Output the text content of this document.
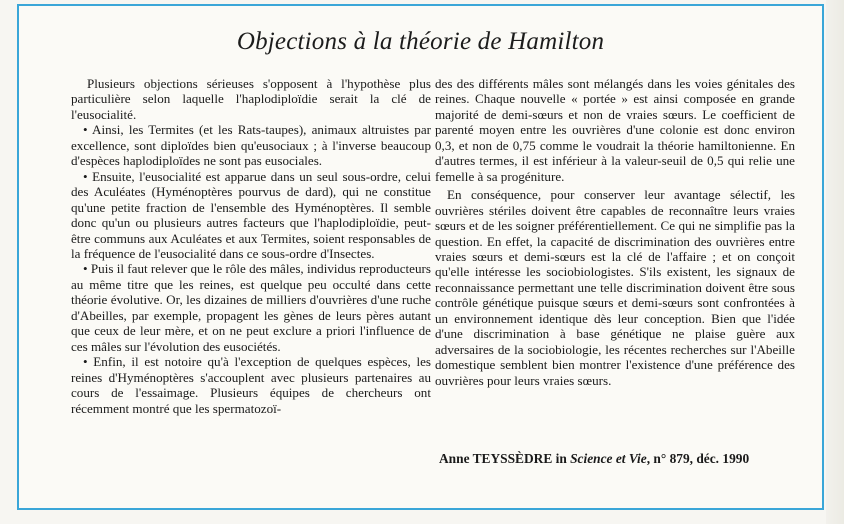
Objections à la théorie de Hamilton

Plusieurs objections sérieuses s'opposent à l'hypothèse plus particulière selon laquelle l'haplodiploïdie serait la clé de l'eusocialité.

• Ainsi, les Termites (et les Rats-taupes), animaux altruistes par excellence, sont diploïdes bien qu'eusociaux ; à l'inverse beaucoup d'espèces haplodiploïdes ne sont pas eusociales.

• Ensuite, l'eusocialité est apparue dans un seul sous-ordre, celui des Aculéates (Hyménoptères pourvus de dard), qui ne constitue qu'une petite fraction de l'ensemble des Hyménoptères. Il semble donc qu'un ou plusieurs autres facteurs que l'haplodiploïdie, peut-être communs aux Aculéates et aux Termites, soient responsables de la fréquence de l'eusocialité dans ce sous-ordre d'Insectes.

• Puis il faut relever que le rôle des mâles, individus reproducteurs au même titre que les reines, est quelque peu occulté dans cette théorie évolutive. Or, les dizaines de milliers d'ouvrières d'une ruche d'Abeilles, par exemple, propagent les gènes de leurs pères autant que ceux de leur mère, et on ne peut exclure a priori l'influence de ces mâles sur l'évolution des eusociétés.

• Enfin, il est notoire qu'à l'exception de quelques espèces, les reines d'Hyménoptères s'accouplent avec plusieurs partenaires au cours de l'essaimage. Plusieurs équipes de chercheurs ont récemment montré que les spermatozoï-

des des différents mâles sont mélangés dans les voies génitales des reines. Chaque nouvelle « portée » est ainsi composée en grande majorité de demi-sœurs et non de vraies sœurs. Le coefficient de parenté moyen entre les ouvrières d'une colonie est donc environ 0,3, et non de 0,75 comme le voudrait la théorie hamiltonienne. En d'autres termes, il est inférieur à la valeur-seuil de 0,5 qui relie une femelle à sa progéniture.

En conséquence, pour conserver leur avantage sélectif, les ouvrières stériles doivent être capables de reconnaître leurs vraies sœurs et de les soigner préférentiellement. Ce qui ne simplifie pas la question. En effet, la capacité de discrimination des ouvrières entre vraies sœurs et demi-sœurs est la clé de l'affaire ; et on conçoit qu'elle intéresse les sociobiologistes. S'ils existent, les signaux de reconnaissance permettant une telle discrimination doivent être sous contrôle génétique puisque sœurs et demi-sœurs sont confrontées à un environnement identique dès leur conception. Bien que l'idée d'une discrimination à base génétique ne plaise guère aux adversaires de la sociobiologie, les récentes recherches sur l'Abeille domestique semblent bien montrer l'existence d'une préférence des ouvrières pour leurs vraies sœurs.

Anne TEYSSÈDRE in Science et Vie, n° 879, déc. 1990
